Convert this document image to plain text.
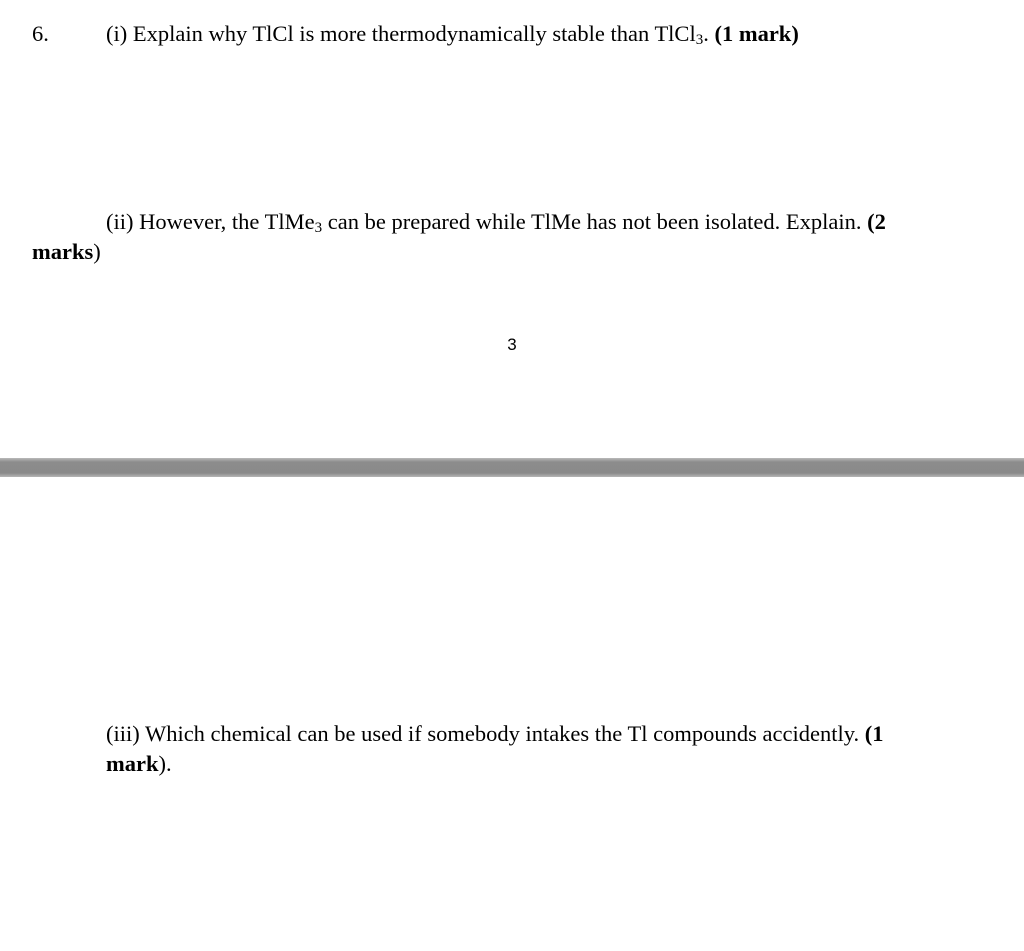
6.	(i) Explain why TlCl is more thermodynamically stable than TlCl$_3$. (1 mark)
(ii) However, the TlMe$_3$ can be prepared while TlMe has not been isolated. Explain. (2
marks)
3
(iii) Which chemical can be used if somebody intakes the Tl compounds accidently. (1
mark).
